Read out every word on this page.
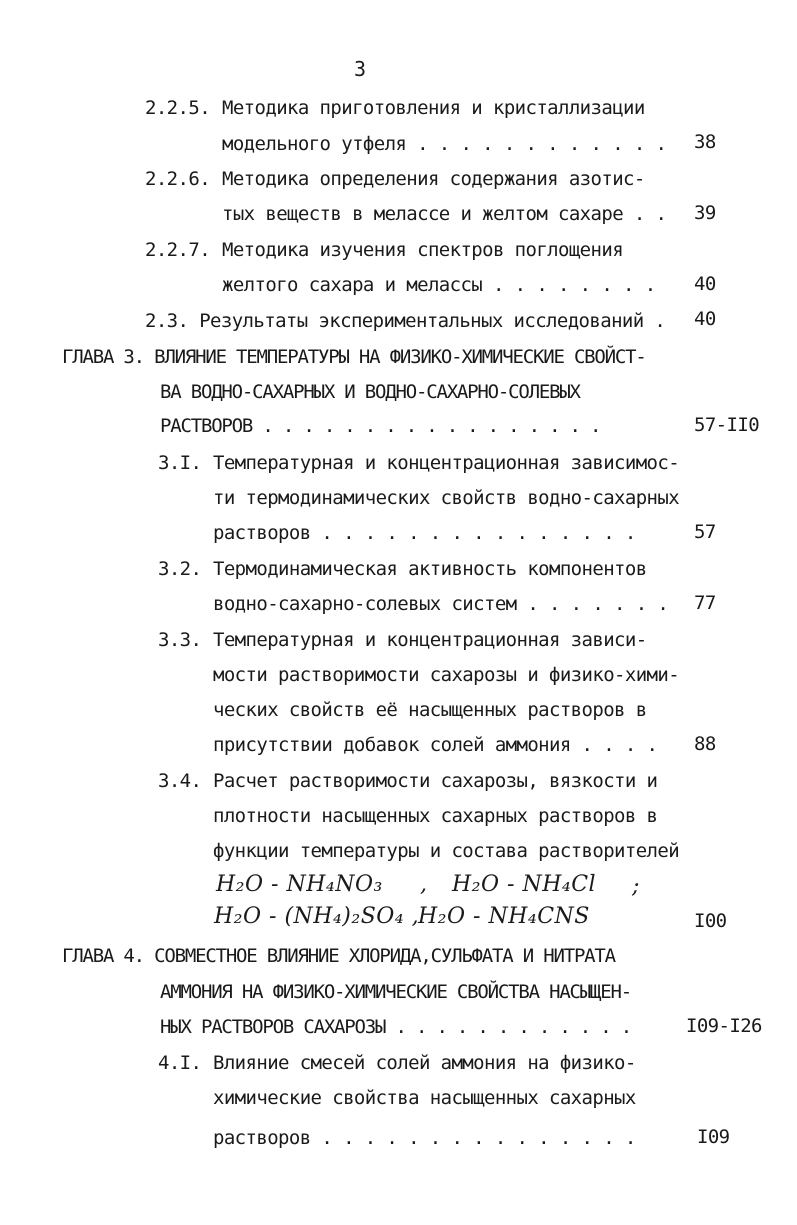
3
2.2.5. Методика приготовления и кристаллизации
модельного утфеля . . . . . . . . . . . . 38
2.2.6. Методика определения содержания азотис-
тых веществ в мелассе и желтом сахаре . . 39
2.2.7. Методика изучения спектров поглощения
желтого сахара и мелассы . . . . . . . . 40
2.3. Результаты экспериментальных исследований . 40
ГЛАВА 3. ВЛИЯНИЕ ТЕМПЕРАТУРЫ НА ФИЗИКО-ХИМИЧЕСКИЕ СВОЙСТ-
ВА ВОДНО-САХАРНЫХ И ВОДНО-САХАРНО-СОЛЕВЫХ
РАСТВОРОВ . . . . . . . . . . . . . . . . .	57-II0
3.I. Температурная и концентрационная зависимос-
ти термодинамических свойств водно-сахарных
растворов . . . . . . . . . . . . . . .	57
3.2. Термодинамическая активность компонентов
водно-сахарно-солевых систем . . . . . . . 77
3.3. Температурная и концентрационная зависи-
мости растворимости сахарозы и физико-хими-
ческих свойств её насыщенных растворов в
присутствии добавок солей аммония . . . . 88
3.4. Расчет растворимости сахарозы, вязкости и
плотности насыщенных сахарных растворов в
функции температуры и состава растворителей
H₂O - NH₄NO₃ , H₂O - NH₄Cl ;
H₂O - (NH₄)₂SO₄ ,
H₂O - NH₄CNS	I00
ГЛАВА 4. СОВМЕСТНОЕ ВЛИЯНИЕ ХЛОРИДА,СУЛЬФАТА И НИТРАТА
АММОНИЯ НА ФИЗИКО-ХИМИЧЕСКИЕ СВОЙСТВА НАСЫЩЕН-
НЫХ РАСТВОРОВ САХАРОЗЫ . . . . . . . . . . . .	I09-I26
4.I. Влияние смесей солей аммония на физико-
химические свойства насыщенных сахарных
растворов . . . . . . . . . . . . . . .	I09
